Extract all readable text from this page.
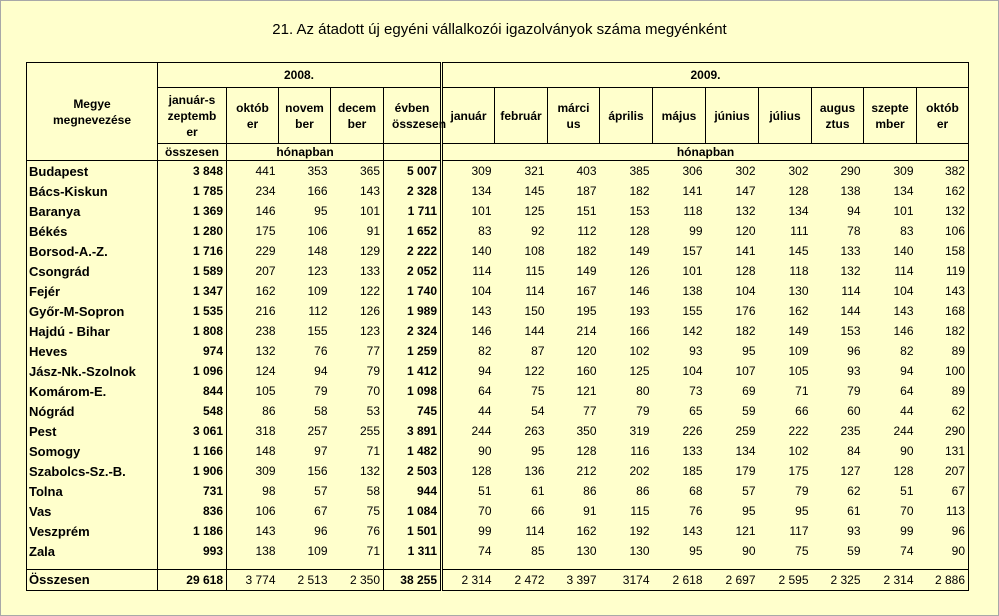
21. Az átadott új egyéni vállalkozói igazolványok száma megyénként
Megye megnevezése	2008.					2009.									

	január-szeptember	október	november	december	évben összesen	január	február	március	április	május	június	július	augusztus	szeptember	október

	összesen	hónapban				hónapban									
Budapest	3 848	441	353	365	5 007	309	321	403	385	306	302	302	290	309	382
Bács-Kiskun	1 785	234	166	143	2 328	134	145	187	182	141	147	128	138	134	162
Baranya	1 369	146	95	101	1 711	101	125	151	153	118	132	134	94	101	132
Békés	1 280	175	106	91	1 652	83	92	112	128	99	120	111	78	83	106
Borsod-A.-Z.	1 716	229	148	129	2 222	140	108	182	149	157	141	145	133	140	158
Csongrád	1 589	207	123	133	2 052	114	115	149	126	101	128	118	132	114	119
Fejér	1 347	162	109	122	1 740	104	114	167	146	138	104	130	114	104	143
Győr-M-Sopron	1 535	216	112	126	1 989	143	150	195	193	155	176	162	144	143	168
Hajdú - Bihar	1 808	238	155	123	2 324	146	144	214	166	142	182	149	153	146	182
Heves	974	132	76	77	1 259	82	87	120	102	93	95	109	96	82	89
Jász-Nk.-Szolnok	1 096	124	94	79	1 412	94	122	160	125	104	107	105	93	94	100
Komárom-E.	844	105	79	70	1 098	64	75	121	80	73	69	71	79	64	89
Nógrád	548	86	58	53	745	44	54	77	79	65	59	66	60	44	62
Pest	3 061	318	257	255	3 891	244	263	350	319	226	259	222	235	244	290
Somogy	1 166	148	97	71	1 482	90	95	128	116	133	134	102	84	90	131
Szabolcs-Sz.-B.	1 906	309	156	132	2 503	128	136	212	202	185	179	175	127	128	207
Tolna	731	98	57	58	944	51	61	86	86	68	57	79	62	51	67
Vas	836	106	67	75	1 084	70	66	91	115	76	95	95	61	70	113
Veszprém	1 186	143	96	76	1 501	99	114	162	192	143	121	117	93	99	96
Zala	993	138	109	71	1 311	74	85	130	130	95	90	75	59	74	90

Összesen	29 618	3 774	2 513	2 350	38 255	2 314	2 472	3 397	3174	2 618	2 697	2 595	2 325	2 314	2 886
